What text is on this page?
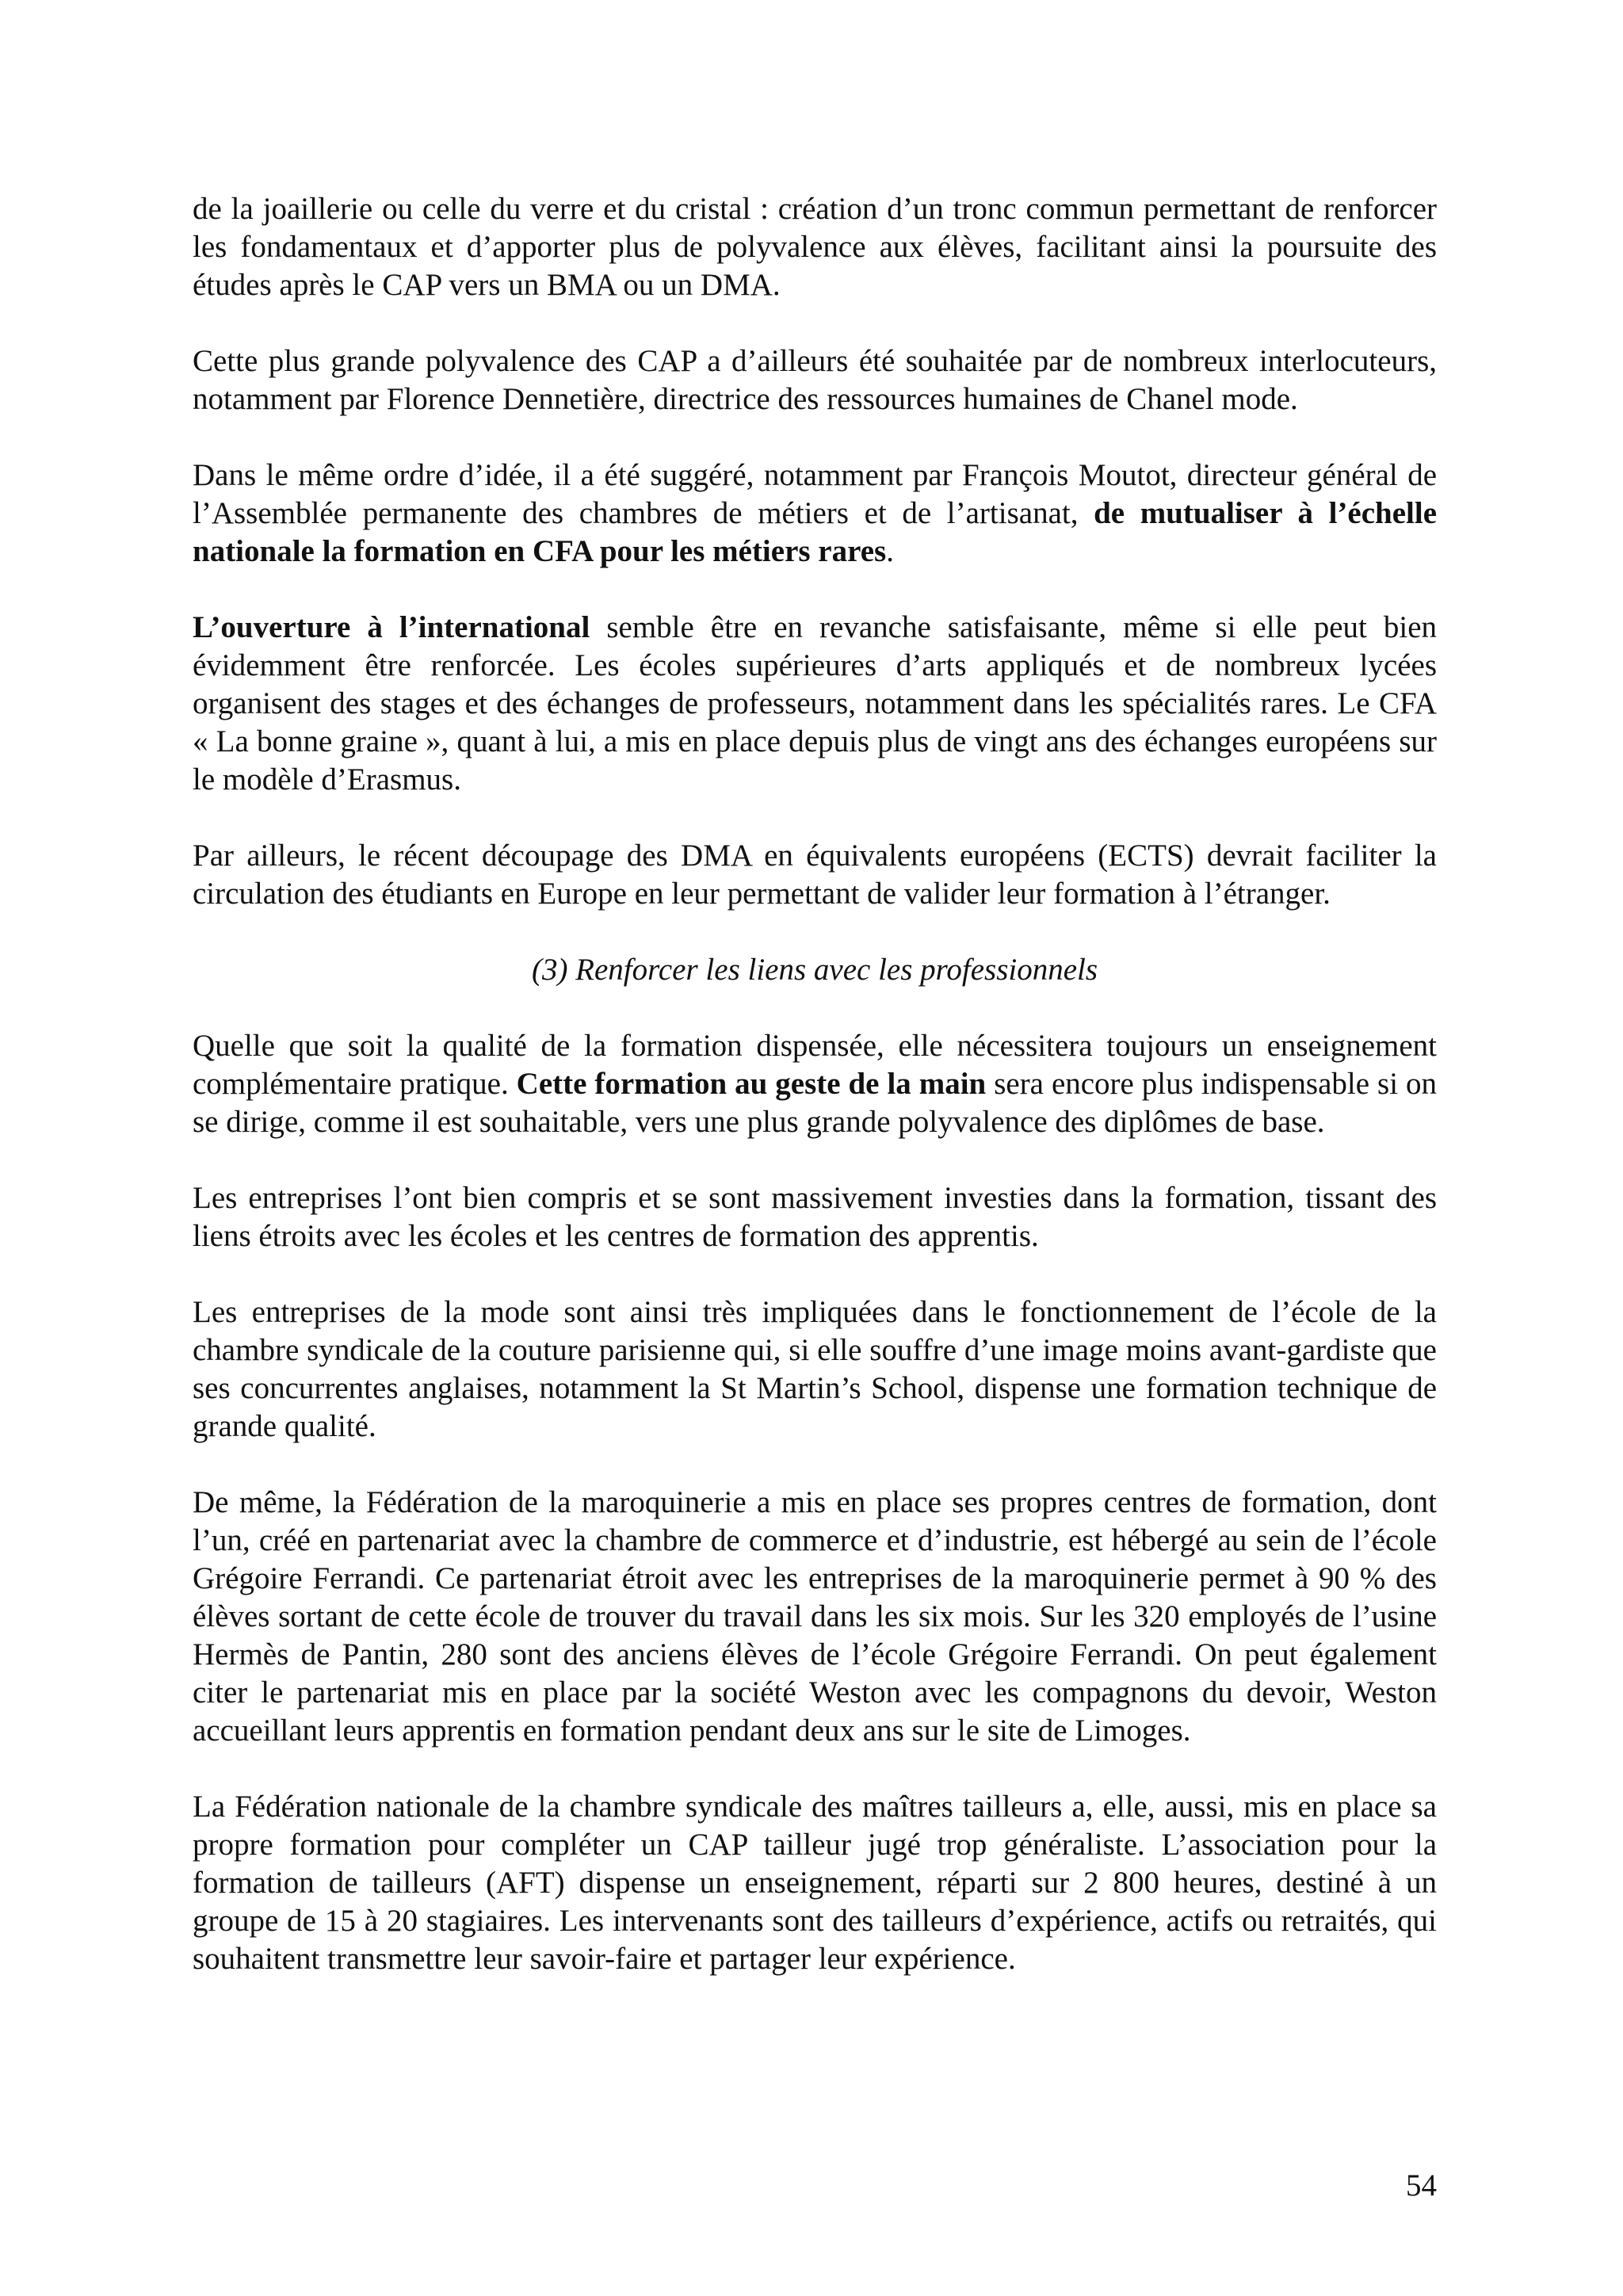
de la joaillerie ou celle du verre et du cristal : création d’un tronc commun permettant de renforcer les fondamentaux et d’apporter plus de polyvalence aux élèves, facilitant ainsi la poursuite des études après le CAP vers un BMA ou un DMA.

Cette plus grande polyvalence des CAP a d’ailleurs été souhaitée par de nombreux interlocuteurs, notamment par Florence Dennetière, directrice des ressources humaines de Chanel mode.

Dans le même ordre d’idée, il a été suggéré, notamment par François Moutot, directeur général de l’Assemblée permanente des chambres de métiers et de l’artisanat, de mutualiser à l’échelle nationale la formation en CFA pour les métiers rares.

L’ouverture à l’international semble être en revanche satisfaisante, même si elle peut bien évidemment être renforcée. Les écoles supérieures d’arts appliqués et de nombreux lycées organisent des stages et des échanges de professeurs, notamment dans les spécialités rares. Le CFA « La bonne graine », quant à lui, a mis en place depuis plus de vingt ans des échanges européens sur le modèle d’Erasmus.

Par ailleurs, le récent découpage des DMA en équivalents européens (ECTS) devrait faciliter la circulation des étudiants en Europe en leur permettant de valider leur formation à l’étranger.

(3) Renforcer les liens avec les professionnels

Quelle que soit la qualité de la formation dispensée, elle nécessitera toujours un enseignement complémentaire pratique. Cette formation au geste de la main sera encore plus indispensable si on se dirige, comme il est souhaitable, vers une plus grande polyvalence des diplômes de base.

Les entreprises l’ont bien compris et se sont massivement investies dans la formation, tissant des liens étroits avec les écoles et les centres de formation des apprentis.

Les entreprises de la mode sont ainsi très impliquées dans le fonctionnement de l’école de la chambre syndicale de la couture parisienne qui, si elle souffre d’une image moins avant-gardiste que ses concurrentes anglaises, notamment la St Martin’s School, dispense une formation technique de grande qualité.

De même, la Fédération de la maroquinerie a mis en place ses propres centres de formation, dont l’un, créé en partenariat avec la chambre de commerce et d’industrie, est hébergé au sein de l’école Grégoire Ferrandi. Ce partenariat étroit avec les entreprises de la maroquinerie permet à 90 % des élèves sortant de cette école de trouver du travail dans les six mois. Sur les 320 employés de l’usine Hermès de Pantin, 280 sont des anciens élèves de l’école Grégoire Ferrandi. On peut également citer le partenariat mis en place par la société Weston avec les compagnons du devoir, Weston accueillant leurs apprentis en formation pendant deux ans sur le site de Limoges.

La Fédération nationale de la chambre syndicale des maîtres tailleurs a, elle, aussi, mis en place sa propre formation pour compléter un CAP tailleur jugé trop généraliste. L’association pour la formation de tailleurs (AFT) dispense un enseignement, réparti sur 2 800 heures, destiné à un groupe de 15 à 20 stagiaires. Les intervenants sont des tailleurs d’expérience, actifs ou retraités, qui souhaitent transmettre leur savoir-faire et partager leur expérience.

54
